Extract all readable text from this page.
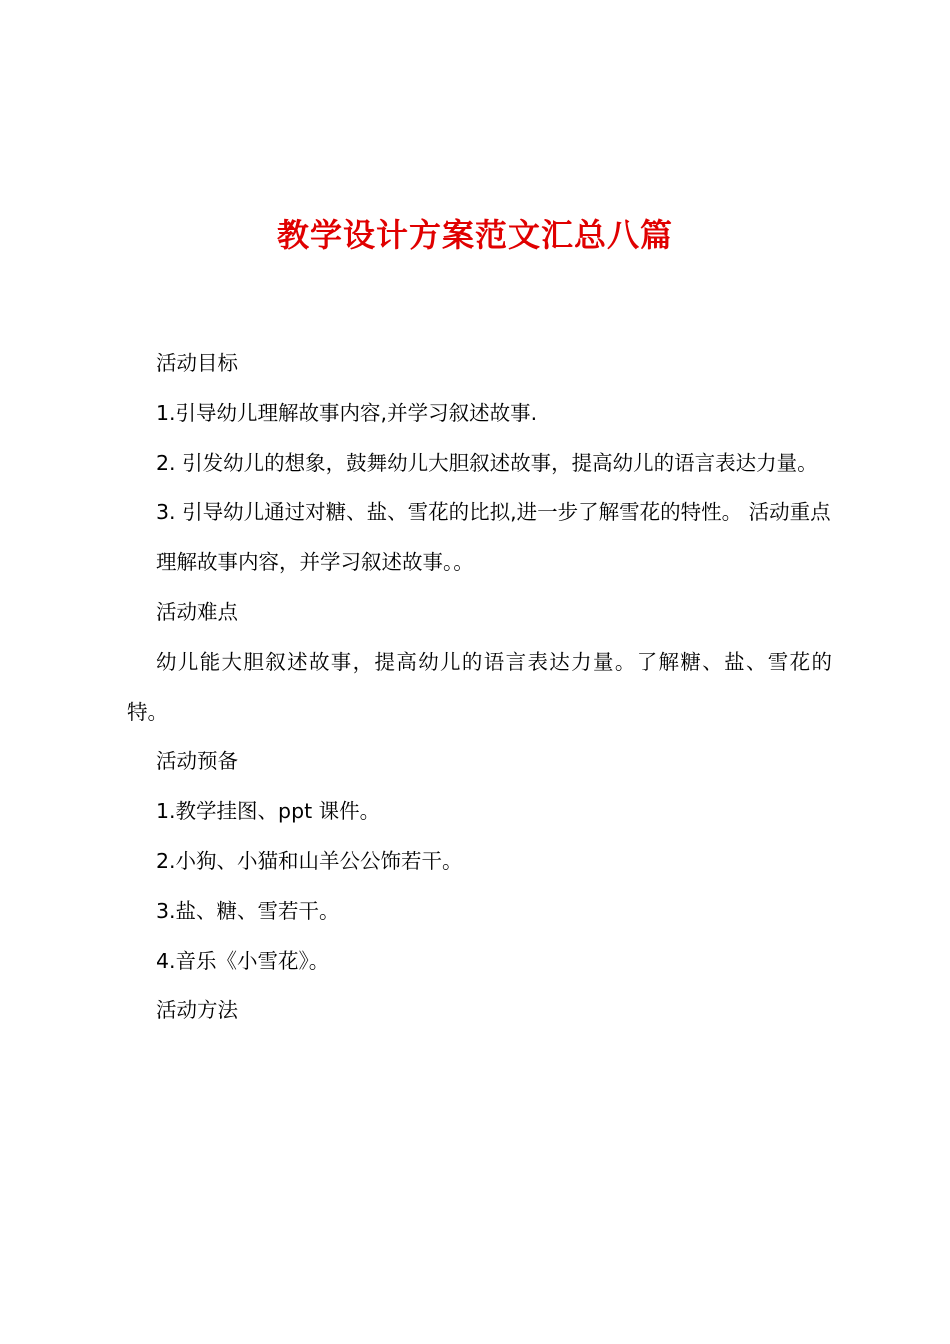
教学设计方案范文汇总八篇

活动目标

1.引导幼儿理解故事内容,并学习叙述故事.

2. 引发幼儿的想象，鼓舞幼儿大胆叙述故事，提高幼儿的语言表达力量。

3. 引导幼儿通过对糖、盐、雪花的比拟,进一步了解雪花的特性。 活动重点

理解故事内容，并学习叙述故事。。

活动难点

幼儿能大胆叙述故事，提高幼儿的语言表达力量。了解糖、盐、雪花的特。

活动预备

1.教学挂图、ppt 课件。

2.小狗、小猫和山羊公公饰若干。

3.盐、糖、雪若干。

4.音乐《小雪花》。

活动方法
